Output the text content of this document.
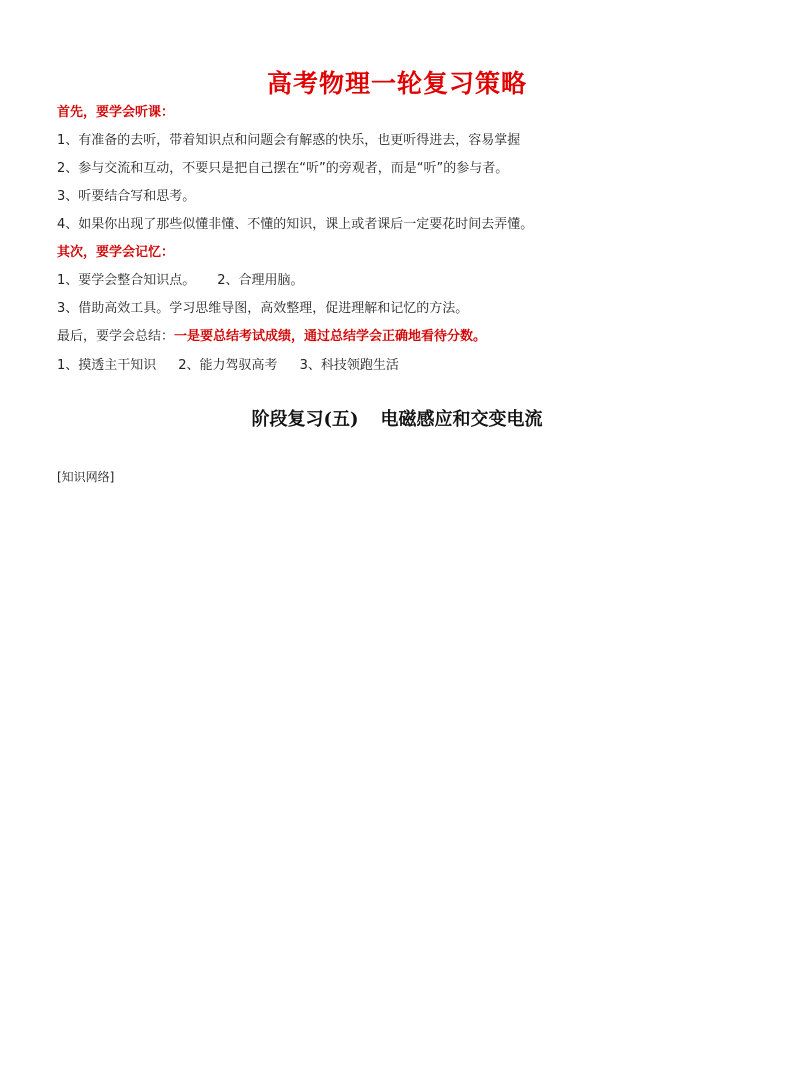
高考物理一轮复习策略
首先，要学会听课：
1、有准备的去听，带着知识点和问题会有解惑的快乐，也更听得进去，容易掌握
2、参与交流和互动，不要只是把自己摆在“听”的旁观者，而是“听”的参与者。
3、听要结合写和思考。
4、如果你出现了那些似懂非懂、不懂的知识，课上或者课后一定要花时间去弄懂。
其次，要学会记忆：
1、要学会整合知识点。 2、合理用脑。
3、借助高效工具。学习思维导图，高效整理，促进理解和记忆的方法。
最后，要学会总结：一是要总结考试成绩，通过总结学会正确地看待分数。
1、摸透主干知识 2、能力驾驭高考 3、科技领跑生活
阶段复习(五) 电磁感应和交变电流
[知识网络]
